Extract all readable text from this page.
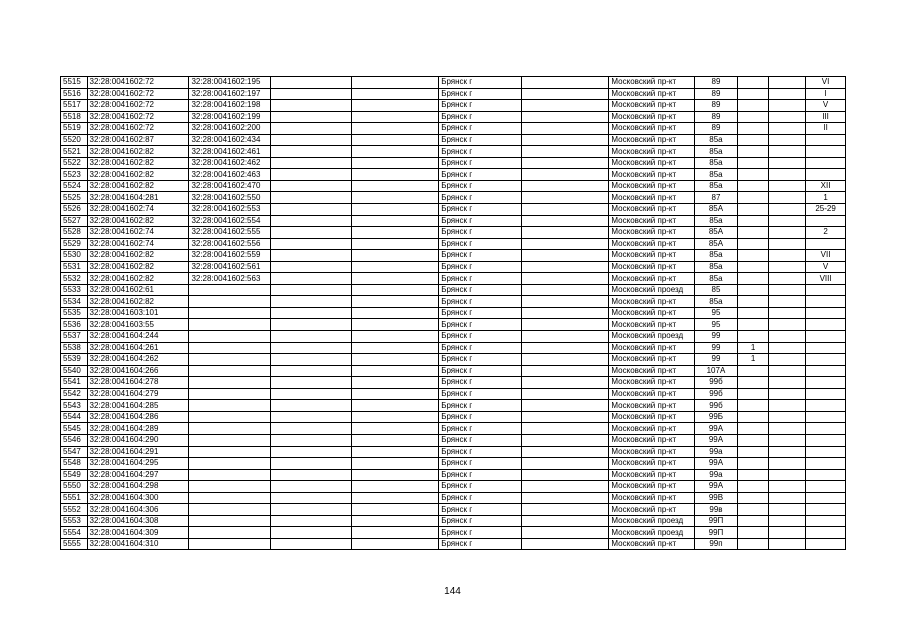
5515	32:28:0041602:72	32:28:0041602:195			Брянск г		Московский пр-кт	89			VI
5516	32:28:0041602:72	32:28:0041602:197			Брянск г		Московский пр-кт	89			I
5517	32:28:0041602:72	32:28:0041602:198			Брянск г		Московский пр-кт	89			V
5518	32:28:0041602:72	32:28:0041602:199			Брянск г		Московский пр-кт	89			III
5519	32:28:0041602:72	32:28:0041602:200			Брянск г		Московский пр-кт	89			II
5520	32:28:0041602:87	32:28:0041602:434			Брянск г		Московский пр-кт	85а			
5521	32:28:0041602:82	32:28:0041602:461			Брянск г		Московский пр-кт	85а			
5522	32:28:0041602:82	32:28:0041602:462			Брянск г		Московский пр-кт	85а			
5523	32:28:0041602:82	32:28:0041602:463			Брянск г		Московский пр-кт	85а			
5524	32:28:0041602:82	32:28:0041602:470			Брянск г		Московский пр-кт	85а			XII
5525	32:28:0041604:281	32:28:0041602:550			Брянск г		Московский пр-кт	87			1
5526	32:28:0041602:74	32:28:0041602:553			Брянск г		Московский пр-кт	85А			25-29
5527	32:28:0041602:82	32:28:0041602:554			Брянск г		Московский пр-кт	85а			
5528	32:28:0041602:74	32:28:0041602:555			Брянск г		Московский пр-кт	85А			2
5529	32:28:0041602:74	32:28:0041602:556			Брянск г		Московский пр-кт	85А			
5530	32:28:0041602:82	32:28:0041602:559			Брянск г		Московский пр-кт	85а			VII
5531	32:28:0041602:82	32:28:0041602:561			Брянск г		Московский пр-кт	85а			V
5532	32:28:0041602:82	32:28:0041602:563			Брянск г		Московский пр-кт	85а			VIII
5533	32:28:0041602:61				Брянск г		Московский проезд	85			
5534	32:28:0041602:82				Брянск г		Московский пр-кт	85а			
5535	32:28:0041603:101				Брянск г		Московский пр-кт	95			
5536	32:28:0041603:55				Брянск г		Московский пр-кт	95			
5537	32:28:0041604:244				Брянск г		Московский проезд	99			
5538	32:28:0041604:261				Брянск г		Московский пр-кт	99	1		
5539	32:28:0041604:262				Брянск г		Московский пр-кт	99	1		
5540	32:28:0041604:266				Брянск г		Московский пр-кт	107А			
5541	32:28:0041604:278				Брянск г		Московский пр-кт	99б			
5542	32:28:0041604:279				Брянск г		Московский пр-кт	99б			
5543	32:28:0041604:285				Брянск г		Московский пр-кт	99б			
5544	32:28:0041604:286				Брянск г		Московский пр-кт	99Б			
5545	32:28:0041604:289				Брянск г		Московский пр-кт	99А			
5546	32:28:0041604:290				Брянск г		Московский пр-кт	99А			
5547	32:28:0041604:291				Брянск г		Московский пр-кт	99а			
5548	32:28:0041604:295				Брянск г		Московский пр-кт	99А			
5549	32:28:0041604:297				Брянск г		Московский пр-кт	99а			
5550	32:28:0041604:298				Брянск г		Московский пр-кт	99А			
5551	32:28:0041604:300				Брянск г		Московский пр-кт	99В			
5552	32:28:0041604:306				Брянск г		Московский пр-кт	99в			
5553	32:28:0041604:308				Брянск г		Московский проезд	99П			
5554	32:28:0041604:309				Брянск г		Московский проезд	99П			
5555	32:28:0041604:310				Брянск г		Московский пр-кт	99п			
144
